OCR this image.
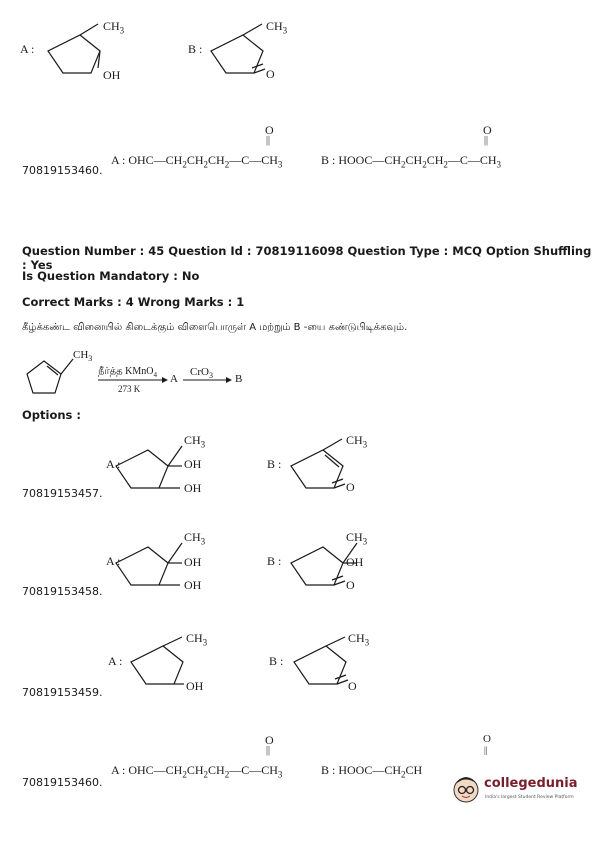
A :
$CH_3$
OH
B :
$CH_3$
O
O
||
O
||
70819153460.
A : $OHC—CH_2CH_2CH_2—C—CH_3$	B : $HOOC—CH_2CH_2CH_2—C—CH_3$
Question Number : 45 Question Id : 70819116098 Question Type : MCQ Option Shuffling : Yes
Is Question Mandatory : No
Correct Marks : 4 Wrong Marks : 1
கீழ்க்கண்ட வினையில் கிடைக்கும் விளைபொருள் A மற்றும் B -யை கண்டுபிடிக்கவும்.
$CH_3$
நீர்த்த KMnO$_4$
273 K
A
CrO$_3$ B
Options :
A :
$CH_3$
OH
OH
B :
$CH_3$
O
70819153457.
A :
$CH_3$
OH
OH
B :
$CH_3$
OH
O
70819153458.
A :
$CH_3$
OH
B :
$CH_3$
O
70819153459.
O
||
O
||
A : $OHC—CH_2CH_2CH_2—C—CH_3$	B : $HOOC—CH_2CH$
70819153460.	collegedunia
India's largest Student Review Platform
